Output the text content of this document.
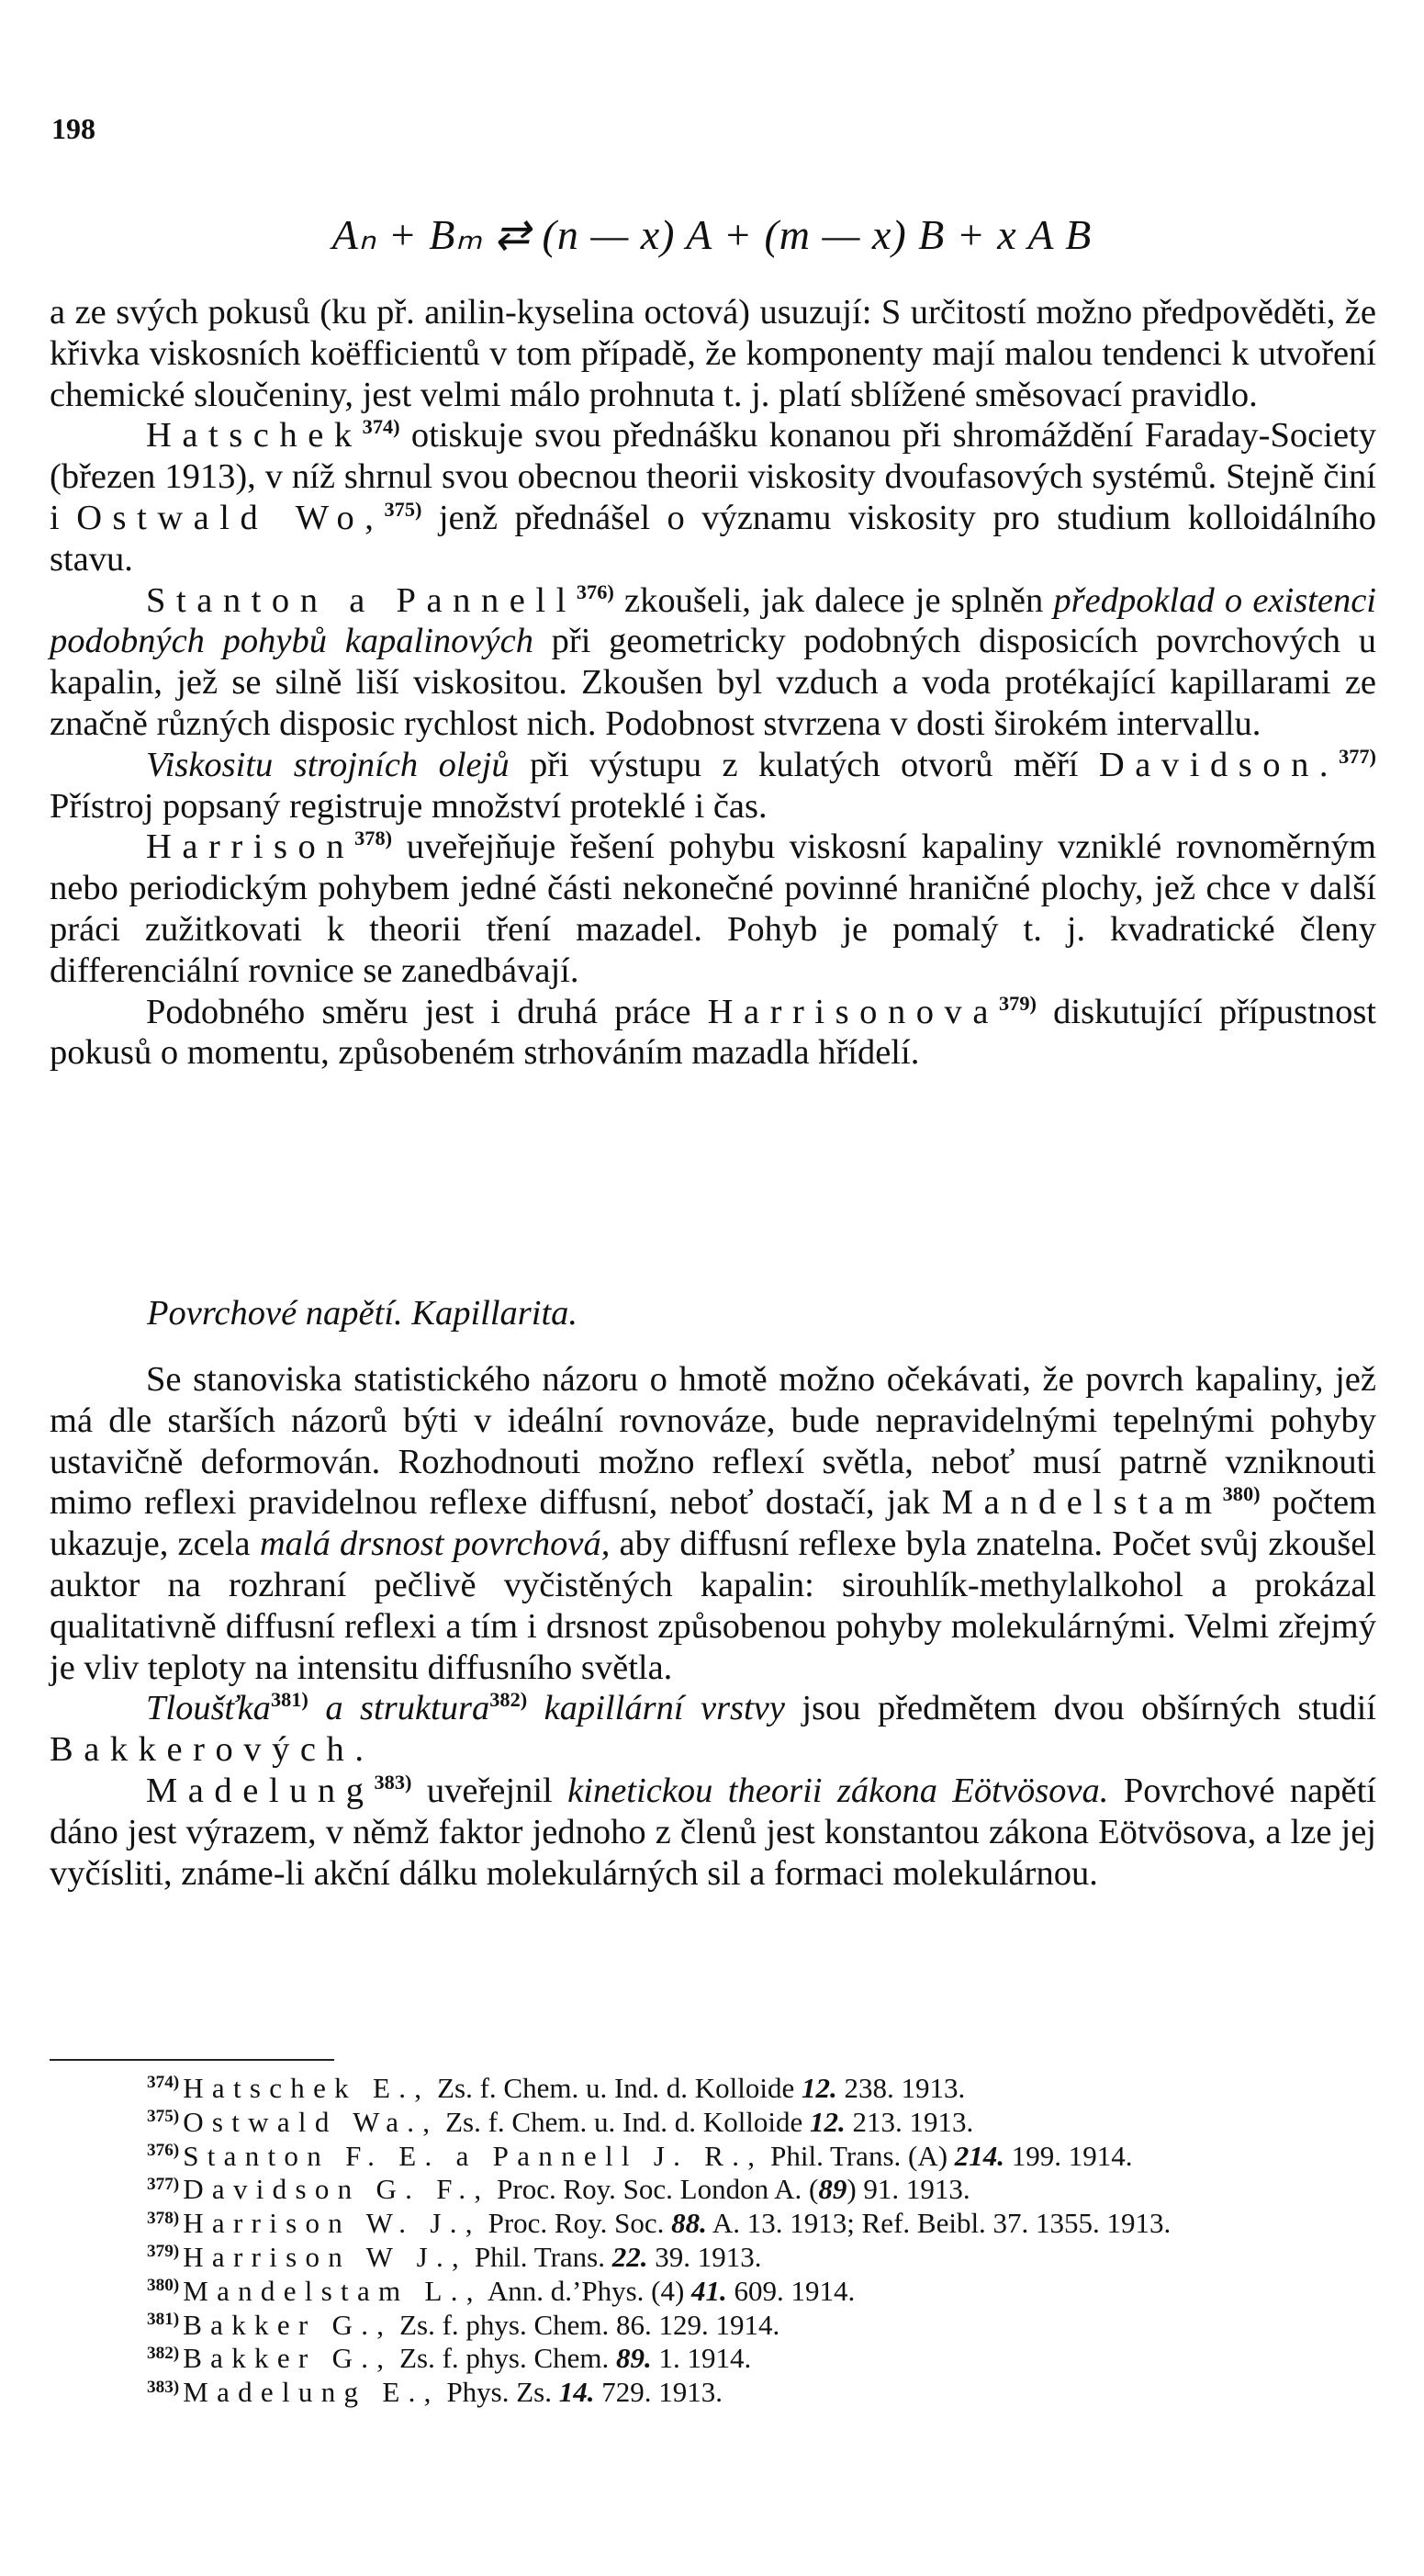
198
Aₙ + Bₘ ⇄ (n — x) A + (m — x) B + x A B

a ze svých pokusů (ku př. anilin-kyselina octová) usuzují: S určitostí možno předpověděti, že křivka viskosních koëfficientů v tom případě, že komponenty mají malou tendenci k utvoření chemické sloučeniny, jest velmi málo prohnuta t. j. platí sblížené směsovací pravidlo.

Hatschek$^{374)}$ otiskuje svou přednášku konanou při shromáždění Faraday-Society (březen 1913), v níž shrnul svou obecnou theorii viskosity dvoufasových systémů. Stejně činí i Ostwald Wo,$^{375)}$ jenž přednášel o významu viskosity pro studium kolloidálního stavu.

Stanton a Pannell$^{376)}$ zkoušeli, jak dalece je splněn předpoklad o existenci podobných pohybů kapalinových při geometricky podobných disposicích povrchových u kapalin, jež se silně liší viskositou. Zkoušen byl vzduch a voda protékající kapillarami ze značně různých disposic rychlost nich. Podobnost stvrzena v dosti širokém intervallu.

Viskositu strojních olejů při výstupu z kulatých otvorů měří Davidson.$^{377)}$ Přístroj popsaný registruje množství proteklé i čas.

Harrison$^{378)}$ uveřejňuje řešení pohybu viskosní kapaliny vzniklé rovnoměrným nebo periodickým pohybem jedné části nekonečné povinné hraničné plochy, jež chce v další práci zužitkovati k theorii tření mazadel. Pohyb je pomalý t. j. kvadratické členy differenciální rovnice se zanedbávají.

Podobného směru jest i druhá práce Harrisonova$^{379)}$ diskutující přípustnost pokusů o momentu, způsobeném strhováním mazadla hřídelí.

Povrchové napětí. Kapillarita.

Se stanoviska statistického názoru o hmotě možno očekávati, že povrch kapaliny, jež má dle starších názorů býti v ideální rovnováze, bude nepravidelnými tepelnými pohyby ustavičně deformován. Rozhodnouti možno reflexí světla, neboť musí patrně vzniknouti mimo reflexi pravidelnou reflexe diffusní, neboť dostačí, jak Mandelstam$^{380)}$ počtem ukazuje, zcela malá drsnost povrchová, aby diffusní reflexe byla znatelna. Počet svůj zkoušel auktor na rozhraní pečlivě vyčistěných kapalin: sirouhlík-methylalkohol a prokázal qualitativně diffusní reflexi a tím i drsnost způsobenou pohyby molekulárnými. Velmi zřejmý je vliv teploty na intensitu diffusního světla.

Tloušťka$^{381)}$ a struktura$^{382)}$ kapillární vrstvy jsou předmětem dvou obšírných studií Bakkerových.

Madelung$^{383)}$ uveřejnil kinetickou theorii zákona Eötvösova. Povrchové napětí dáno jest výrazem, v němž faktor jednoho z členů jest konstantou zákona Eötvösova, a lze jej vyčísliti, známe-li akční dálku molekulárných sil a formaci molekulárnou.

$^{374)}$ Hatschek E., Zs. f. Chem. u. Ind. d. Kolloide 12. 238. 1913.

$^{375)}$ Ostwald Wa., Zs. f. Chem. u. Ind. d. Kolloide 12. 213. 1913.

$^{376)}$ Stanton F. E. a Pannell J. R., Phil. Trans. (A) 214. 199. 1914.

$^{377)}$ Davidson G. F., Proc. Roy. Soc. London A. (89) 91. 1913.

$^{378)}$ Harrison W. J., Proc. Roy. Soc. 88. A. 13. 1913; Ref. Beibl. 37. 1355. 1913.

$^{379)}$ Harrison W J., Phil. Trans. 22. 39. 1913.

$^{380)}$ Mandelstam L., Ann. d.’Phys. (4) 41. 609. 1914.

$^{381)}$ Bakker G., Zs. f. phys. Chem. 86. 129. 1914.

$^{382)}$ Bakker G., Zs. f. phys. Chem. 89. 1. 1914.

$^{383)}$ Madelung E., Phys. Zs. 14. 729. 1913.
